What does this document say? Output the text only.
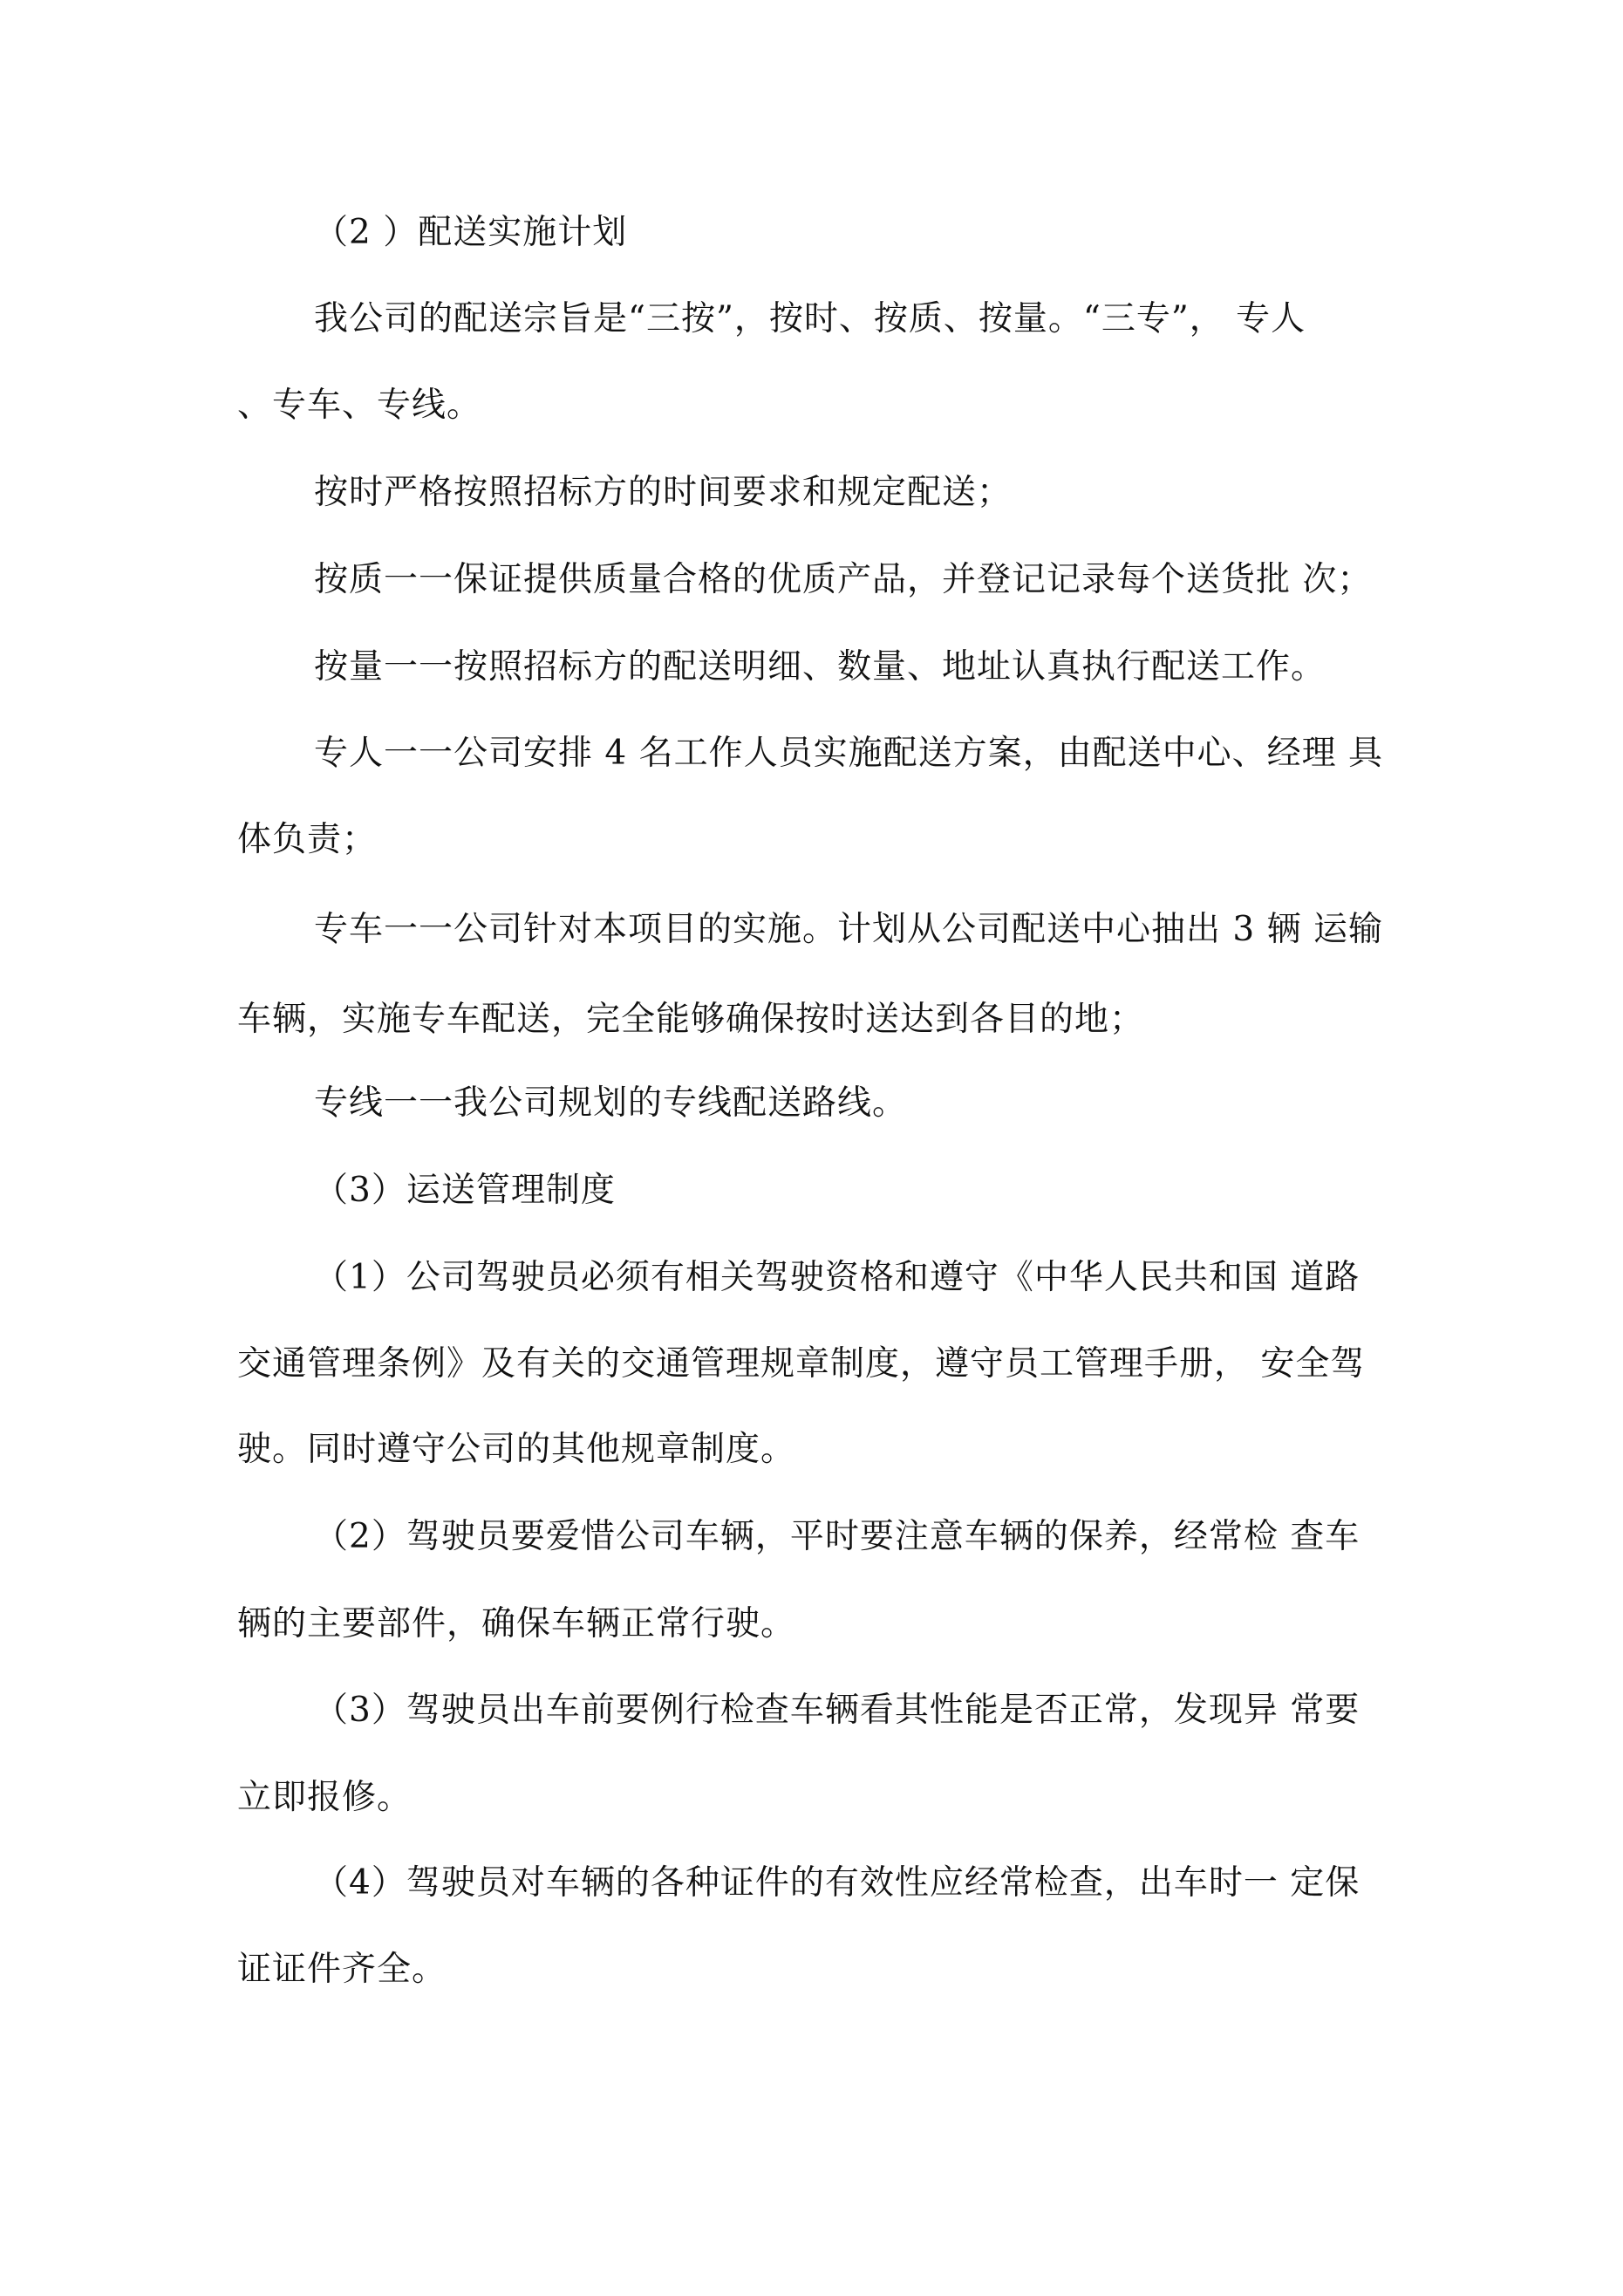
（2 ）配送实施计划
我公司的配送宗旨是“三按”，按时、按质、按量。“三专”， 专人
、专车、专线。
按时严格按照招标方的时间要求和规定配送；
按质一一保证提供质量合格的优质产品，并登记记录每个送货批 次；
按量一一按照招标方的配送明细、数量、地址认真执行配送工作。
专人一一公司安排 4 名工作人员实施配送方案，由配送中心、经理 具
体负责；
专车一一公司针对本项目的实施。计划从公司配送中心抽出 3 辆 运输
车辆，实施专车配送，完全能够确保按时送达到各目的地；
专线一一我公司规划的专线配送路线。
（3）运送管理制度
（1）公司驾驶员必须有相关驾驶资格和遵守《中华人民共和国 道路
交通管理条例》及有关的交通管理规章制度，遵守员工管理手册， 安全驾
驶。同时遵守公司的其他规章制度。
（2）驾驶员要爱惜公司车辆，平时要注意车辆的保养，经常检 查车
辆的主要部件，确保车辆正常行驶。
（3）驾驶员出车前要例行检查车辆看其性能是否正常，发现异 常要
立即报修。
（4）驾驶员对车辆的各种证件的有效性应经常检查，出车时一 定保
证证件齐全。
